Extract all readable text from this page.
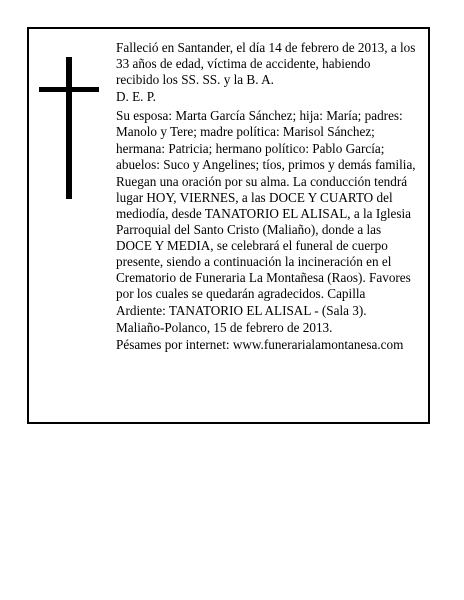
Falleció en Santander, el día 14 de febrero de 2013, a los 33 años de edad, víctima de accidente, habiendo recibido los SS. SS. y la B. A.

D. E. P.

Su esposa: Marta García Sánchez; hija: María; padres: Manolo y Tere; madre política: Marisol Sánchez; hermana: Patricia; hermano político: Pablo García; abuelos: Suco y Angelines; tíos, primos y demás familia,

Ruegan una oración por su alma. La conducción tendrá lugar HOY, VIERNES, a las DOCE Y CUARTO del mediodía, desde TANATORIO EL ALISAL, a la Iglesia Parroquial del Santo Cristo (Maliaño), donde a las DOCE Y MEDIA, se celebrará el funeral de cuerpo presente, siendo a continuación la incineración en el Crematorio de Funeraria La Montañesa (Raos). Favores por los cuales se quedarán agradecidos. Capilla Ardiente: TANATORIO EL ALISAL - (Sala 3).

Maliaño-Polanco, 15 de febrero de 2013.

Pésames por internet: www.funerarialamontanesa.com
